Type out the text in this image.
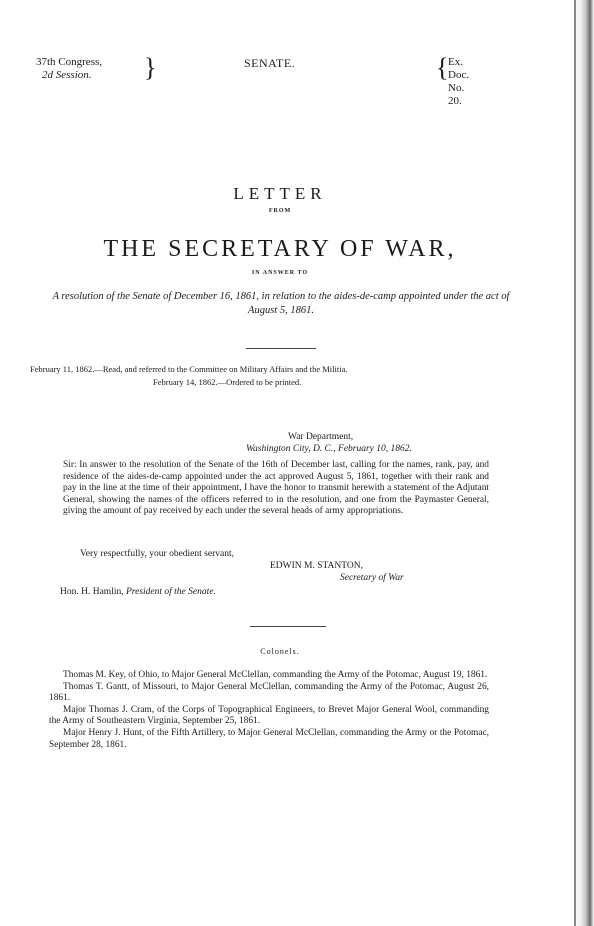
37th Congress,
2d Session.	}	SENATE.	{ Ex. Doc.
No. 20.
LETTER
FROM
THE SECRETARY OF WAR,
IN ANSWER TO
A resolution of the Senate of December 16, 1861, in relation to the aides-de-camp appointed under the act of August 5, 1861.
February 11, 1862.—Read, and referred to the Committee on Military Affairs and the Militia.
February 14, 1862.—Ordered to be printed.
War Department,
Washington City, D. C., February 10, 1862.
Sir: In answer to the resolution of the Senate of the 16th of December last, calling for the names, rank, pay, and residence of the aides-de-camp appointed under the act approved August 5, 1861, together with their rank and pay in the line at the time of their appointment, I have the honor to transmit herewith a statement of the Adjutant General, showing the names of the officers referred to in the resolution, and one from the Paymaster General, giving the amount of pay received by each under the several heads of army appropriations.
Very respectfully, your obedient servant,
EDWIN M. STANTON,
Secretary of War
Hon. H. Hamlin, President of the Senate.
Colonels.

Thomas M. Key, of Ohio, to Major General McClellan, commanding the Army of the Potomac, August 19, 1861.

Thomas T. Gantt, of Missouri, to Major General McClellan, commanding the Army of the Potomac, August 26, 1861.

Major Thomas J. Cram, of the Corps of Topographical Engineers, to Brevet Major General Wool, commanding the Army of Southeastern Virginia, September 25, 1861.

Major Henry J. Hunt, of the Fifth Artillery, to Major General McClellan, commanding the Army or the Potomac, September 28, 1861.
